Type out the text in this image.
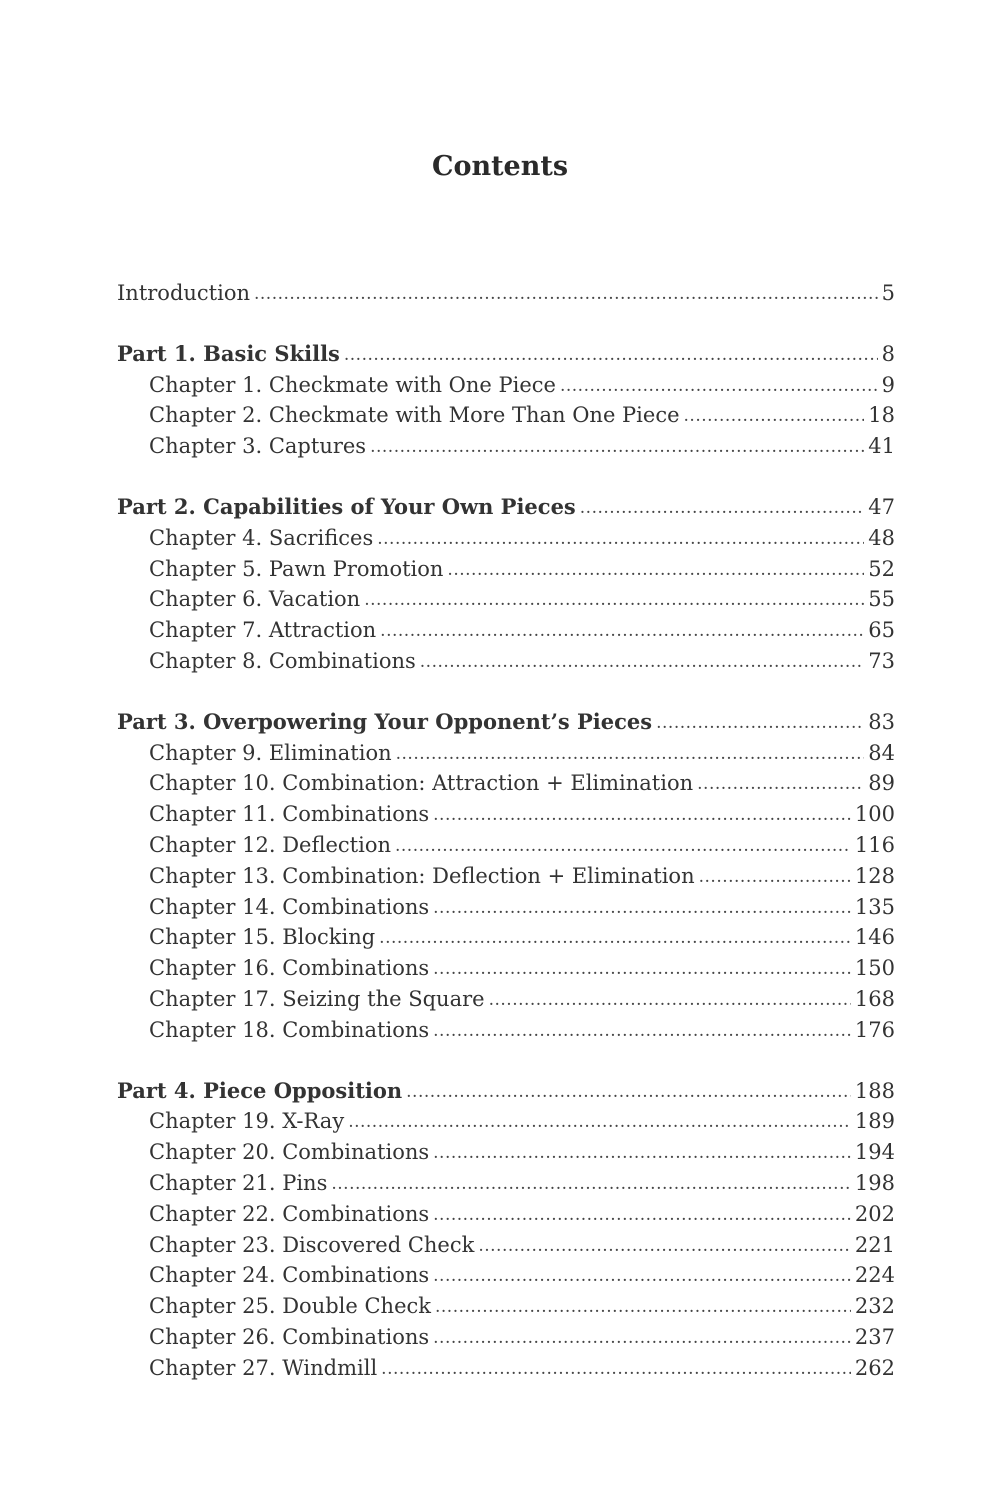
Contents
Introduction .....	5
Part 1. Basic Skills .....	8
Chapter 1. Checkmate with One Piece .....	9
Chapter 2. Checkmate with More Than One Piece .....	18
Chapter 3. Captures .....	41
Part 2. Capabilities of Your Own Pieces .....	47
Chapter 4. Sacrifices .....	48
Chapter 5. Pawn Promotion .....	52
Chapter 6. Vacation .....	55
Chapter 7. Attraction .....	65
Chapter 8. Combinations .....	73
Part 3. Overpowering Your Opponent’s Pieces .....	83
Chapter 9. Elimination .....	84
Chapter 10. Combination: Attraction + Elimination .....	89
Chapter 11. Combinations .....	100
Chapter 12. Deflection .....	116
Chapter 13. Combination: Deflection + Elimination .....	128
Chapter 14. Combinations .....	135
Chapter 15. Blocking .....	146
Chapter 16. Combinations .....	150
Chapter 17. Seizing the Square .....	168
Chapter 18. Combinations .....	176
Part 4. Piece Opposition .....	188
Chapter 19. X-Ray .....	189
Chapter 20. Combinations .....	194
Chapter 21. Pins .....	198
Chapter 22. Combinations .....	202
Chapter 23. Discovered Check .....	221
Chapter 24. Combinations .....	224
Chapter 25. Double Check .....	232
Chapter 26. Combinations .....	237
Chapter 27. Windmill .....	262
